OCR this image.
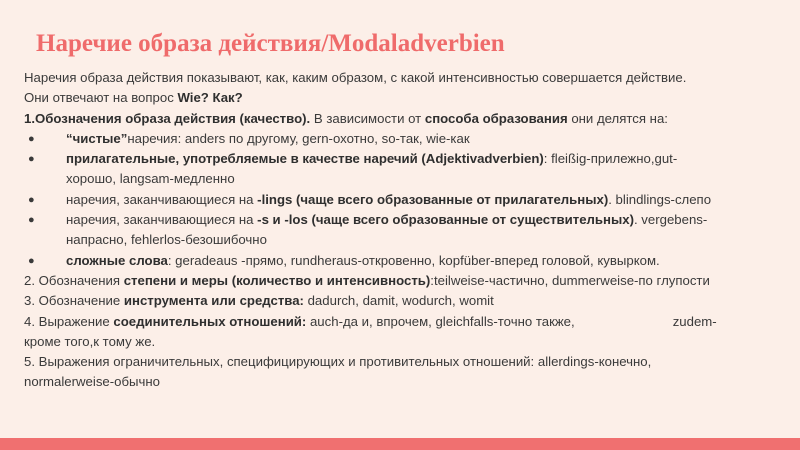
Наречие образа действия/Modaladverbien
Наречия образа действия показывают, как, каким образом, с какой интенсивностью совершается действие.
Они отвечают на вопрос Wie? Как?
1.Обозначения образа действия (качество). В зависимости от способа образования они делятся на:
● “чистые”наречия: anders по другому, gern-охотно, so-так, wie-как
● прилагательные, употребляемые в качестве наречий (Adjektivadverbien): fleißig-прилежно,gut-
хорошо, langsam-медленно
● наречия, заканчивающиеся на -lings (чаще всего образованные от прилагательных). blindlings-слепо
● наречия, заканчивающиеся на -s и -los (чаще всего образованные от существительных). vergebens-
напрасно, fehlerlos-безошибочно
● сложные слова: geradeaus -прямо, rundheraus-откровенно, kopfüber-вперед головой, кувырком.
2. Обозначения степени и меры (количество и интенсивность):teilweise-частично, dummerweise-по глупости
3. Обозначение инструмента или средства: dadurch, damit, wodurch, womit
4. Выражение соединительных отношений: auch-да и, впрочем, gleichfalls-точно также,	zudem-
кроме того,к тому же.
5. Выражения ограничительных, специфицирующих и противительных отношений: allerdings-конечно,
normalerweise-обычно
